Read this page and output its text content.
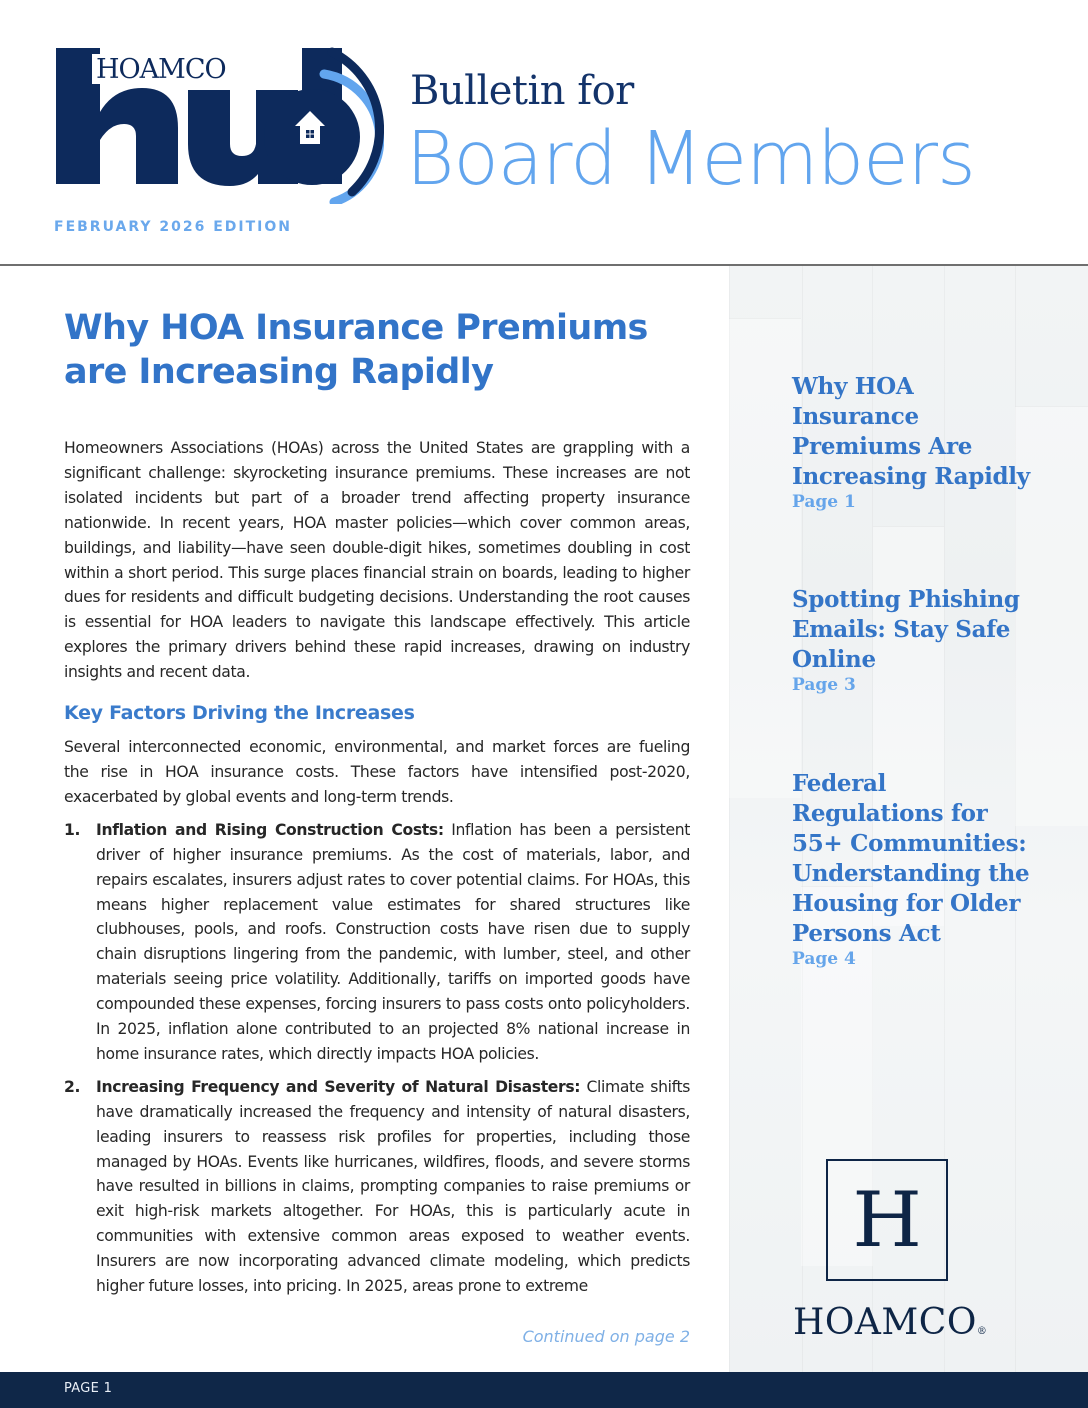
HOAMCO	Bulletin for
Board Members
FEBRUARY 2026 EDITION
Why HOA Insurance Premiums
are Increasing Rapidly

Homeowners Associations (HOAs) across the United States are grappling with a significant challenge: skyrocketing insurance premiums. These increases are not isolated incidents but part of a broader trend affecting property insurance nationwide. In recent years, HOA master policies—which cover common areas, buildings, and liability—have seen double-digit hikes, sometimes doubling in cost within a short period. This surge places financial strain on boards, leading to higher dues for residents and difficult budgeting decisions. Understanding the root causes is essential for HOA leaders to navigate this landscape effectively. This article explores the primary drivers behind these rapid increases, drawing on industry insights and recent data.

Key Factors Driving the Increases

Several interconnected economic, environmental, and market forces are fueling the rise in HOA insurance costs. These factors have intensified post-2020, exacerbated by global events and long-term trends.

1. Inflation and Rising Construction Costs: Inflation has been a persistent driver of higher insurance premiums. As the cost of materials, labor, and repairs escalates, insurers adjust rates to cover potential claims. For HOAs, this means higher replacement value estimates for shared structures like clubhouses, pools, and roofs. Construction costs have risen due to supply chain disruptions lingering from the pandemic, with lumber, steel, and other materials seeing price volatility. Additionally, tariffs on imported goods have compounded these expenses, forcing insurers to pass costs onto policyholders. In 2025, inflation alone contributed to an projected 8% national increase in home insurance rates, which directly impacts HOA policies.
2. Increasing Frequency and Severity of Natural Disasters: Climate shifts have dramatically increased the frequency and intensity of natural disasters, leading insurers to reassess risk profiles for properties, including those managed by HOAs. Events like hurricanes, wildfires, floods, and severe storms have resulted in billions in claims, prompting companies to raise premiums or exit high-risk markets altogether. For HOAs, this is particularly acute in communities with extensive common areas exposed to weather events. Insurers are now incorporating advanced climate modeling, which predicts higher future losses, into pricing. In 2025, areas prone to extreme
Continued on page 2
Why HOA Insurance Premiums Are Increasing Rapidly
Page 1
Spotting Phishing Emails: Stay Safe Online
Page 3
Federal Regulations for 55+ Communities: Understanding the Housing for Older Persons Act
Page 4
H
HOAMCO®
PAGE 1
